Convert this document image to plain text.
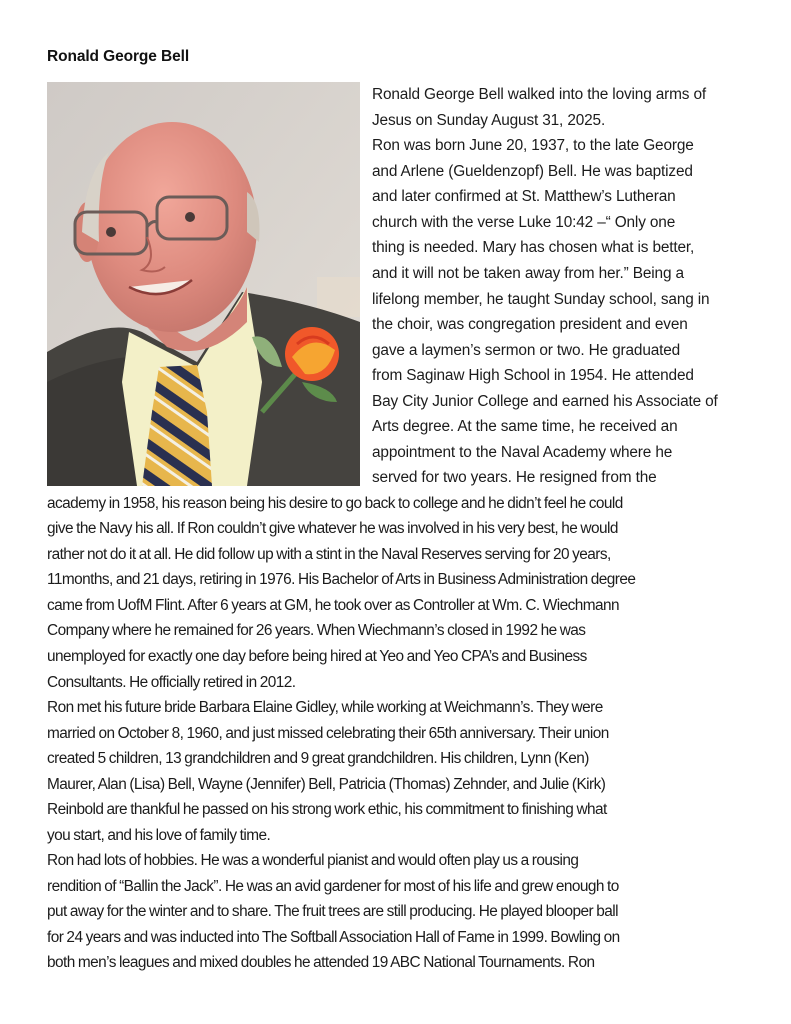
Ronald George Bell
Ronald George Bell walked into the loving arms of
Jesus on Sunday August 31, 2025.
Ron was born June 20, 1937, to the late George
and Arlene (Gueldenzopf) Bell. He was baptized
and later confirmed at St. Matthew’s Lutheran
church with the verse Luke 10:42 –“ Only one
thing is needed. Mary has chosen what is better,
and it will not be taken away from her.” Being a
lifelong member, he taught Sunday school, sang in
the choir, was congregation president and even
gave a laymen’s sermon or two. He graduated
from Saginaw High School in 1954. He attended
Bay City Junior College and earned his Associate of
Arts degree. At the same time, he received an
appointment to the Naval Academy where he
served for two years. He resigned from the
academy in 1958, his reason being his desire to go back to college and he didn’t feel he could
give the Navy his all. If Ron couldn’t give whatever he was involved in his very best, he would
rather not do it at all. He did follow up with a stint in the Naval Reserves serving for 20 years,
11months, and 21 days, retiring in 1976. His Bachelor of Arts in Business Administration degree
came from UofM Flint. After 6 years at GM, he took over as Controller at Wm. C. Wiechmann
Company where he remained for 26 years. When Wiechmann’s closed in 1992 he was
unemployed for exactly one day before being hired at Yeo and Yeo CPA’s and Business
Consultants. He officially retired in 2012.
Ron met his future bride Barbara Elaine Gidley, while working at Weichmann’s. They were
married on October 8, 1960, and just missed celebrating their 65th anniversary. Their union
created 5 children, 13 grandchildren and 9 great grandchildren. His children, Lynn (Ken)
Maurer, Alan (Lisa) Bell, Wayne (Jennifer) Bell, Patricia (Thomas) Zehnder, and Julie (Kirk)
Reinbold are thankful he passed on his strong work ethic, his commitment to finishing what
you start, and his love of family time.
Ron had lots of hobbies. He was a wonderful pianist and would often play us a rousing
rendition of “Ballin the Jack”. He was an avid gardener for most of his life and grew enough to
put away for the winter and to share. The fruit trees are still producing. He played blooper ball
for 24 years and was inducted into The Softball Association Hall of Fame in 1999. Bowling on
both men’s leagues and mixed doubles he attended 19 ABC National Tournaments. Ron
